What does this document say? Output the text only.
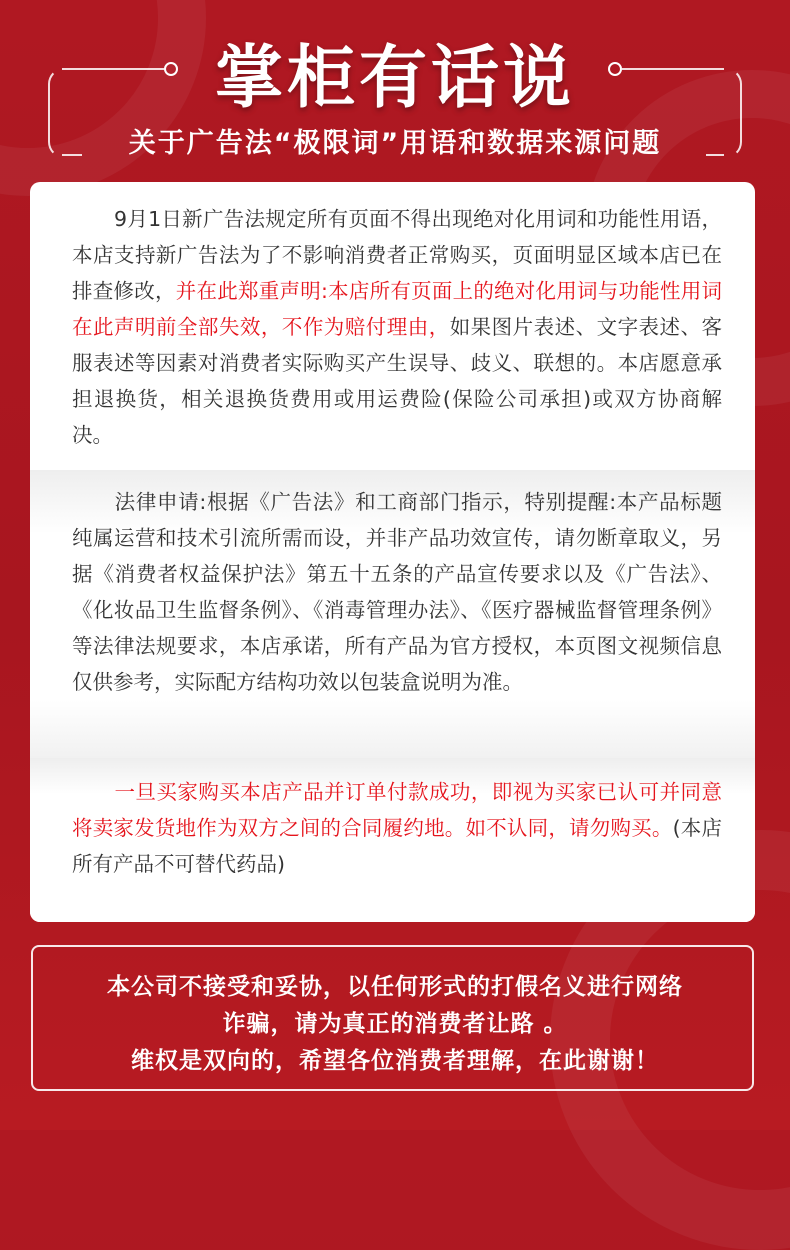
掌柜有话说
关于广告法“极限词”用语和数据来源问题

9月1日新广告法规定所有页面不得出现绝对化用词和功能性用语，本店支持新广告法为了不影响消费者正常购买，页面明显区域本店已在排查修改，并在此郑重声明:本店所有页面上的绝对化用词与功能性用词在此声明前全部失效，不作为赔付理由，如果图片表述、文字表述、客服表述等因素对消费者实际购买产生误导、歧义、联想的。本店愿意承担退换货，相关退换货费用或用运费险(保险公司承担)或双方协商解决。

法律申请:根据《广告法》和工商部门指示，特别提醒:本产品标题纯属运营和技术引流所需而设，并非产品功效宣传，请勿断章取义，另据《消费者权益保护法》第五十五条的产品宣传要求以及《广告法》、《化妆品卫生监督条例》、《消毒管理办法》、《医疗器械监督管理条例》等法律法规要求，本店承诺，所有产品为官方授权，本页图文视频信息仅供参考，实际配方结构功效以包装盒说明为准。

一旦买家购买本店产品并订单付款成功，即视为买家已认可并同意将卖家发货地作为双方之间的合同履约地。如不认同，请勿购买。(本店所有产品不可替代药品)

本公司不接受和妥协，以任何形式的打假名义进行网络
诈骗，请为真正的消费者让路 。
维权是双向的，希望各位消费者理解，在此谢谢！
